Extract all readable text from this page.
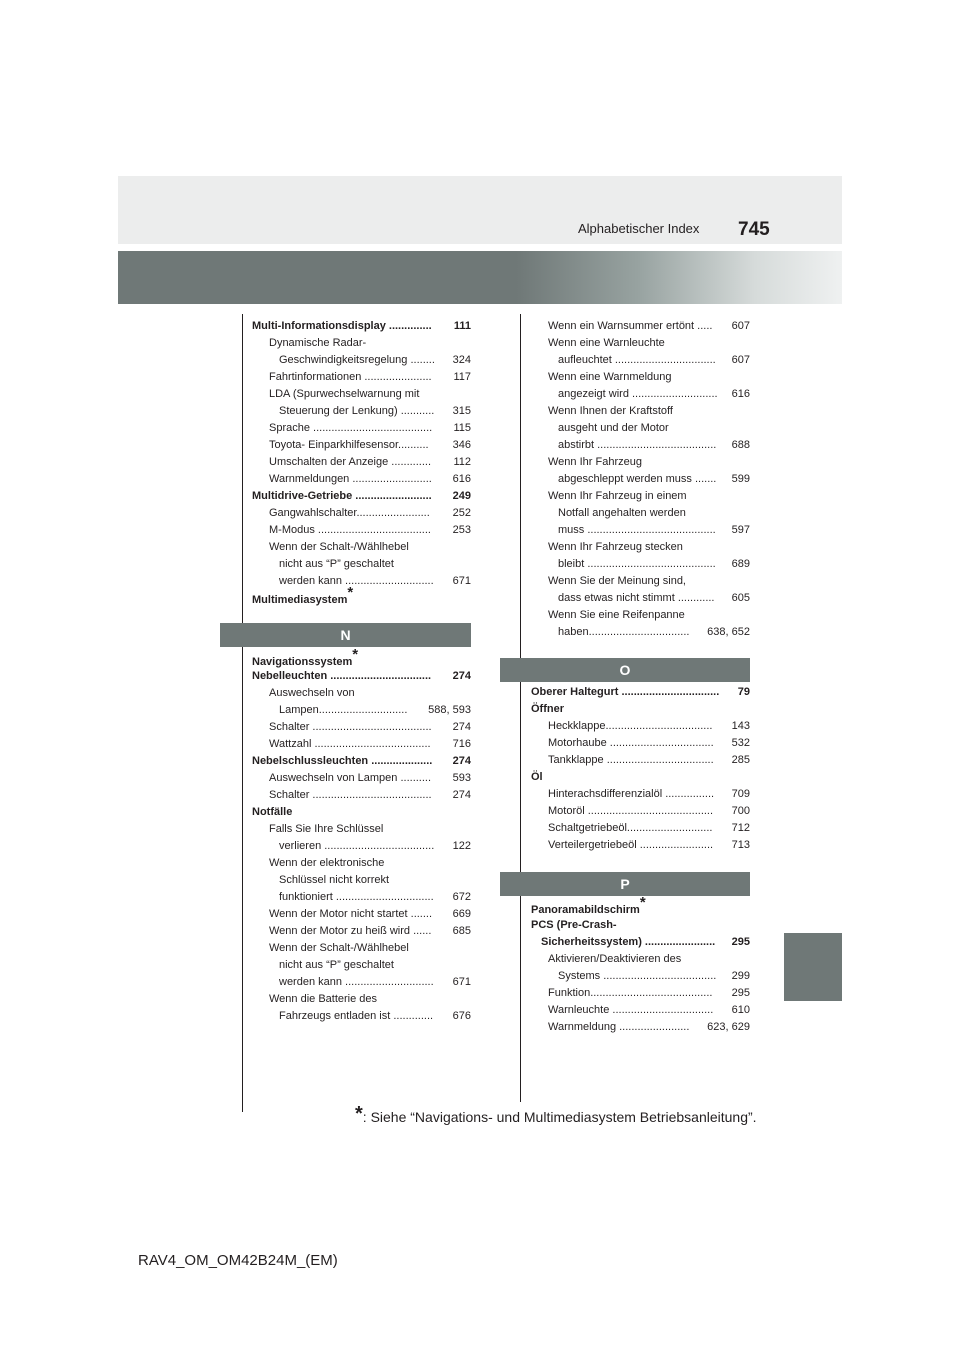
Alphabetischer Index 745
Multi-Informationsdisplay ..............	111
Dynamische Radar-
Geschwindigkeitsregelung ........	324
Fahrtinformationen ......................	117
LDA (Spurwechselwarnung mit
Steuerung der Lenkung) ...........	315
Sprache .......................................	115
Toyota- Einparkhilfesensor..........	346
Umschalten der Anzeige .............	112
Warnmeldungen ..........................	616
Multidrive-Getriebe .........................	249
Gangwahlschalter........................	252
M-Modus .....................................	253
Wenn der Schalt-/Wählhebel
nicht aus “P” geschaltet
werden kann .............................	671
Multimediasystem*
N
Navigationssystem*
Nebelleuchten .................................	274
Auswechseln von
Lampen.............................	588, 593
Schalter .......................................	274
Wattzahl ......................................	716
Nebelschlussleuchten ....................	274
Auswechseln von Lampen ..........	593
Schalter .......................................	274
Notfälle
Falls Sie Ihre Schlüssel
verlieren ....................................	122
Wenn der elektronische
Schlüssel nicht korrekt
funktioniert ................................	672
Wenn der Motor nicht startet .......	669
Wenn der Motor zu heiß wird ......	685
Wenn der Schalt-/Wählhebel
nicht aus “P” geschaltet
werden kann .............................	671
Wenn die Batterie des
Fahrzeugs entladen ist .............	676
Wenn ein Warnsummer ertönt .....	607
Wenn eine Warnleuchte
aufleuchtet .................................	607
Wenn eine Warnmeldung
angezeigt wird ............................	616
Wenn Ihnen der Kraftstoff
ausgeht und der Motor
abstirbt .......................................	688
Wenn Ihr Fahrzeug
abgeschleppt werden muss .......	599
Wenn Ihr Fahrzeug in einem
Notfall angehalten werden
muss ..........................................	597
Wenn Ihr Fahrzeug stecken
bleibt ..........................................	689
Wenn Sie der Meinung sind,
dass etwas nicht stimmt ............	605
Wenn Sie eine Reifenpanne
haben.................................	638, 652
O
Oberer Haltegurt ................................	79
Öffner
Heckklappe...................................	143
Motorhaube ..................................	532
Tankklappe ...................................	285
Öl
Hinterachsdifferenzialöl ................	709
Motoröl .........................................	700
Schaltgetriebeöl............................	712
Verteilergetriebeöl ........................	713
P
Panoramabildschirm*
PCS (Pre-Crash-
Sicherheitssystem) .......................	295
Aktivieren/Deaktivieren des
Systems .....................................	299
Funktion........................................	295
Warnleuchte .................................	610
Warnmeldung .......................	623, 629
*: Siehe “Navigations- und Multimediasystem Betriebsanleitung”.
RAV4_OM_OM42B24M_(EM)
